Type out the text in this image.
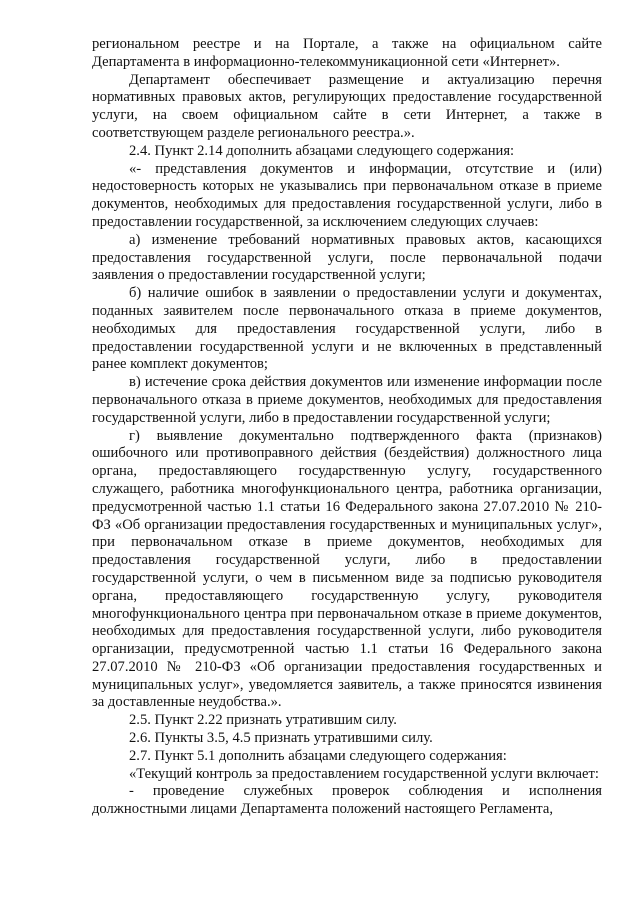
региональном реестре и на Портале, а также на официальном сайте Департамента в информационно-телекоммуникационной сети «Интернет».

Департамент обеспечивает размещение и актуализацию перечня нормативных правовых актов, регулирующих предоставление государственной услуги, на своем официальном сайте в сети Интернет, а также в соответствующем разделе регионального реестра.».

2.4. Пункт 2.14 дополнить абзацами следующего содержания:

«- представления документов и информации, отсутствие и (или) недостоверность которых не указывались при первоначальном отказе в приеме документов, необходимых для предоставления государственной услуги, либо в предоставлении государственной, за исключением следующих случаев:

а) изменение требований нормативных правовых актов, касающихся предоставления государственной услуги, после первоначальной подачи заявления о предоставлении государственной услуги;

б) наличие ошибок в заявлении о предоставлении услуги и документах, поданных заявителем после первоначального отказа в приеме документов, необходимых для предоставления государственной услуги, либо в предоставлении государственной услуги и не включенных в представленный ранее комплект документов;

в) истечение срока действия документов или изменение информации после первоначального отказа в приеме документов, необходимых для предоставления государственной услуги, либо в предоставлении государственной услуги;

г) выявление документально подтвержденного факта (признаков) ошибочного или противоправного действия (бездействия) должностного лица органа, предоставляющего государственную услугу, государственного служащего, работника многофункционального центра, работника организации, предусмотренной частью 1.1 статьи 16 Федерального закона 27.07.2010 № 210-ФЗ «Об организации предоставления государственных и муниципальных услуг», при первоначальном отказе в приеме документов, необходимых для предоставления государственной услуги, либо в предоставлении государственной услуги, о чем в письменном виде за подписью руководителя органа, предоставляющего государственную услугу, руководителя многофункционального центра при первоначальном отказе в приеме документов, необходимых для предоставления государственной услуги, либо руководителя организации, предусмотренной частью 1.1 статьи 16 Федерального закона 27.07.2010 № 210-ФЗ «Об организации предоставления государственных и муниципальных услуг», уведомляется заявитель, а также приносятся извинения за доставленные неудобства.».

2.5. Пункт 2.22 признать утратившим силу.

2.6. Пункты 3.5, 4.5 признать утратившими силу.

2.7. Пункт 5.1 дополнить абзацами следующего содержания:

«Текущий контроль за предоставлением государственной услуги включает:

- проведение служебных проверок соблюдения и исполнения должностными лицами Департамента положений настоящего Регламента,
